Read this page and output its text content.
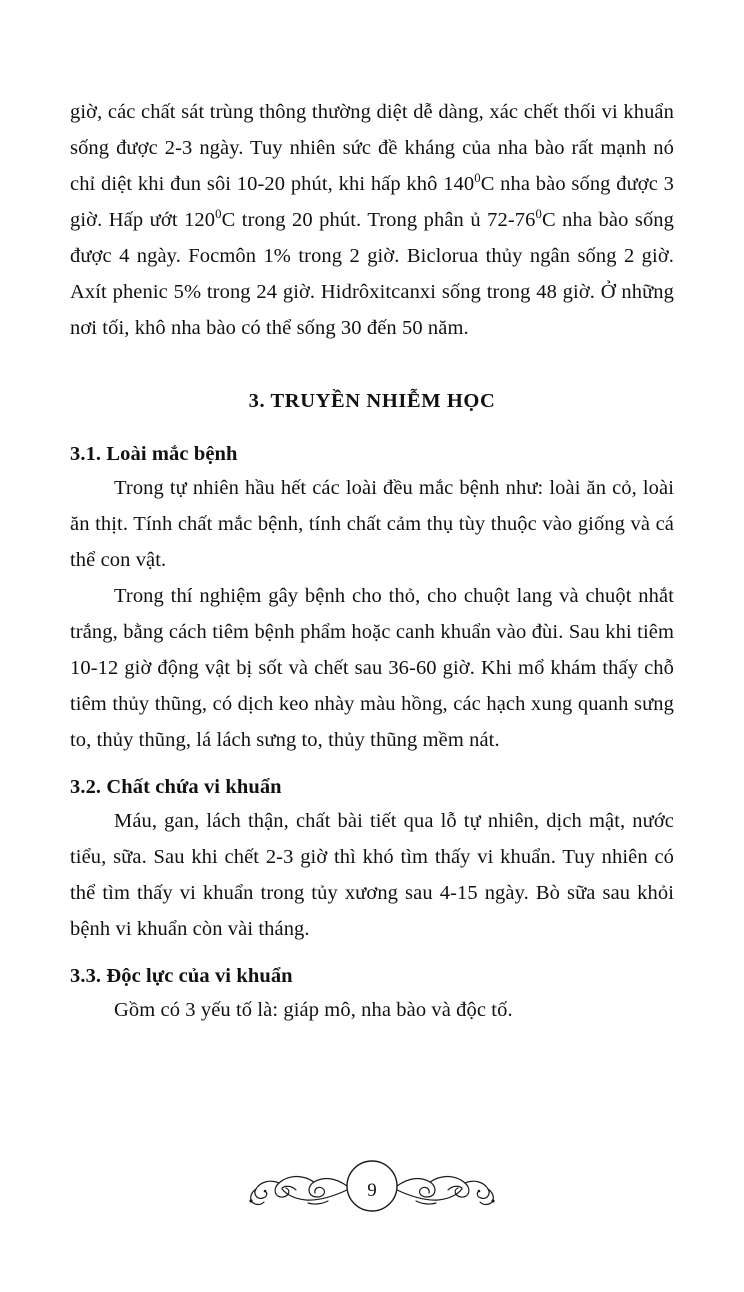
giờ, các chất sát trùng thông thường diệt dễ dàng, xác chết thối vi khuẩn sống được 2-3 ngày. Tuy nhiên sức đề kháng của nha bào rất mạnh nó chỉ diệt khi đun sôi 10-20 phút, khi hấp khô $140^0C$ nha bào sống được 3 giờ. Hấp ướt $120^0C$ trong 20 phút. Trong phân ủ $72-76^0C$ nha bào sống được 4 ngày. Focmôn 1% trong 2 giờ. Biclorua thủy ngân sống 2 giờ. Axít phenic 5% trong 24 giờ. Hidrôxitcanxi sống trong 48 giờ. Ở những nơi tối, khô nha bào có thể sống 30 đến 50 năm.

3. TRUYỀN NHIỄM HỌC
3.1. Loài mắc bệnh

Trong tự nhiên hầu hết các loài đều mắc bệnh như: loài ăn cỏ, loài ăn thịt. Tính chất mắc bệnh, tính chất cảm thụ tùy thuộc vào giống và cá thể con vật.

Trong thí nghiệm gây bệnh cho thỏ, cho chuột lang và chuột nhắt trắng, bằng cách tiêm bệnh phẩm hoặc canh khuẩn vào đùi. Sau khi tiêm 10-12 giờ động vật bị sốt và chết sau 36-60 giờ. Khi mổ khám thấy chỗ tiêm thủy thũng, có dịch keo nhày màu hồng, các hạch xung quanh sưng to, thủy thũng, lá lách sưng to, thủy thũng mềm nát.

3.2. Chất chứa vi khuẩn

Máu, gan, lách thận, chất bài tiết qua lỗ tự nhiên, dịch mật, nước tiểu, sữa. Sau khi chết 2-3 giờ thì khó tìm thấy vi khuẩn. Tuy nhiên có thể tìm thấy vi khuẩn trong tủy xương sau 4-15 ngày. Bò sữa sau khỏi bệnh vi khuẩn còn vài tháng.

3.3. Độc lực của vi khuẩn

Gồm có 3 yếu tố là: giáp mô, nha bào và độc tố.

9
